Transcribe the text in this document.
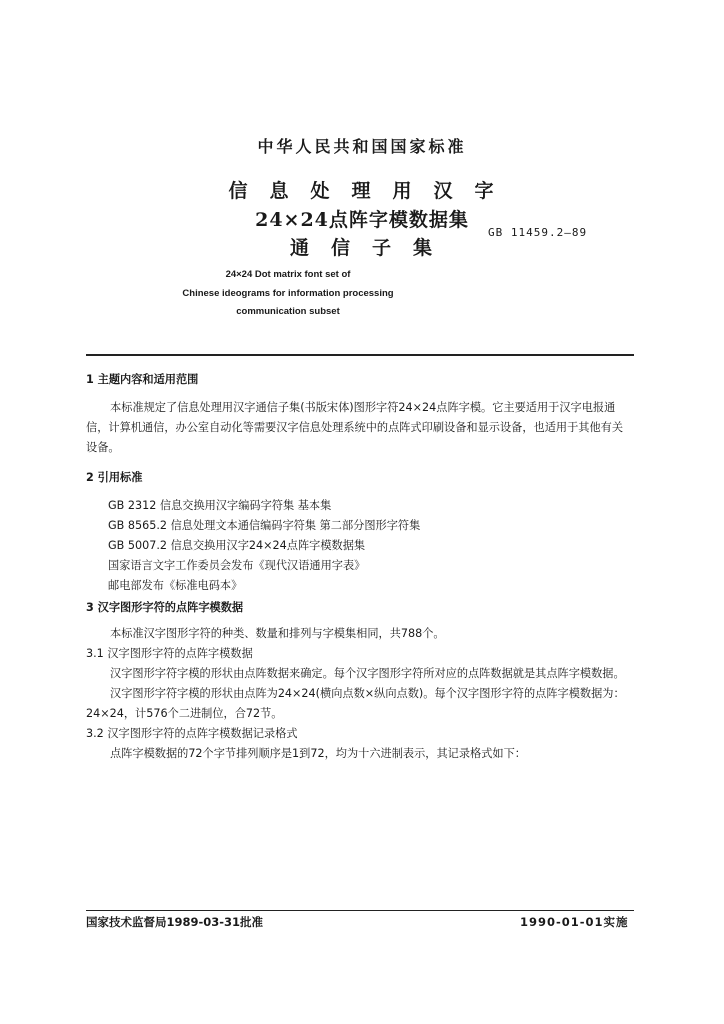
中华人民共和国国家标准
信息处理用汉字
24×24点阵字模数据集
通信子集
GB 11459.2—89
24×24 Dot matrix font set of
Chinese ideograms for information processing
communication subset
1 主题内容和适用范围
本标准规定了信息处理用汉字通信子集(书版宋体)图形字符24×24点阵字模。它主要适用于汉字电报通信，计算机通信，办公室自动化等需要汉字信息处理系统中的点阵式印刷设备和显示设备，也适用于其他有关设备。
2 引用标准
GB 2312 信息交换用汉字编码字符集 基本集
GB 8565.2 信息处理文本通信编码字符集 第二部分图形字符集
GB 5007.2 信息交换用汉字24×24点阵字模数据集
国家语言文字工作委员会发布《现代汉语通用字表》
邮电部发布《标准电码本》
3 汉字图形字符的点阵字模数据
本标准汉字图形字符的种类、数量和排列与字模集相同，共788个。
3.1 汉字图形字符的点阵字模数据
汉字图形字符字模的形状由点阵数据来确定。每个汉字图形字符所对应的点阵数据就是其点阵字模数据。
汉字图形字符字模的形状由点阵为24×24(横向点数×纵向点数)。每个汉字图形字符的点阵字模数据为：24×24，计576个二进制位，合72节。
3.2 汉字图形字符的点阵字模数据记录格式
点阵字模数据的72个字节排列顺序是1到72，均为十六进制表示，其记录格式如下：
国家技术监督局1989-03-31批准	1990-01-01实施
